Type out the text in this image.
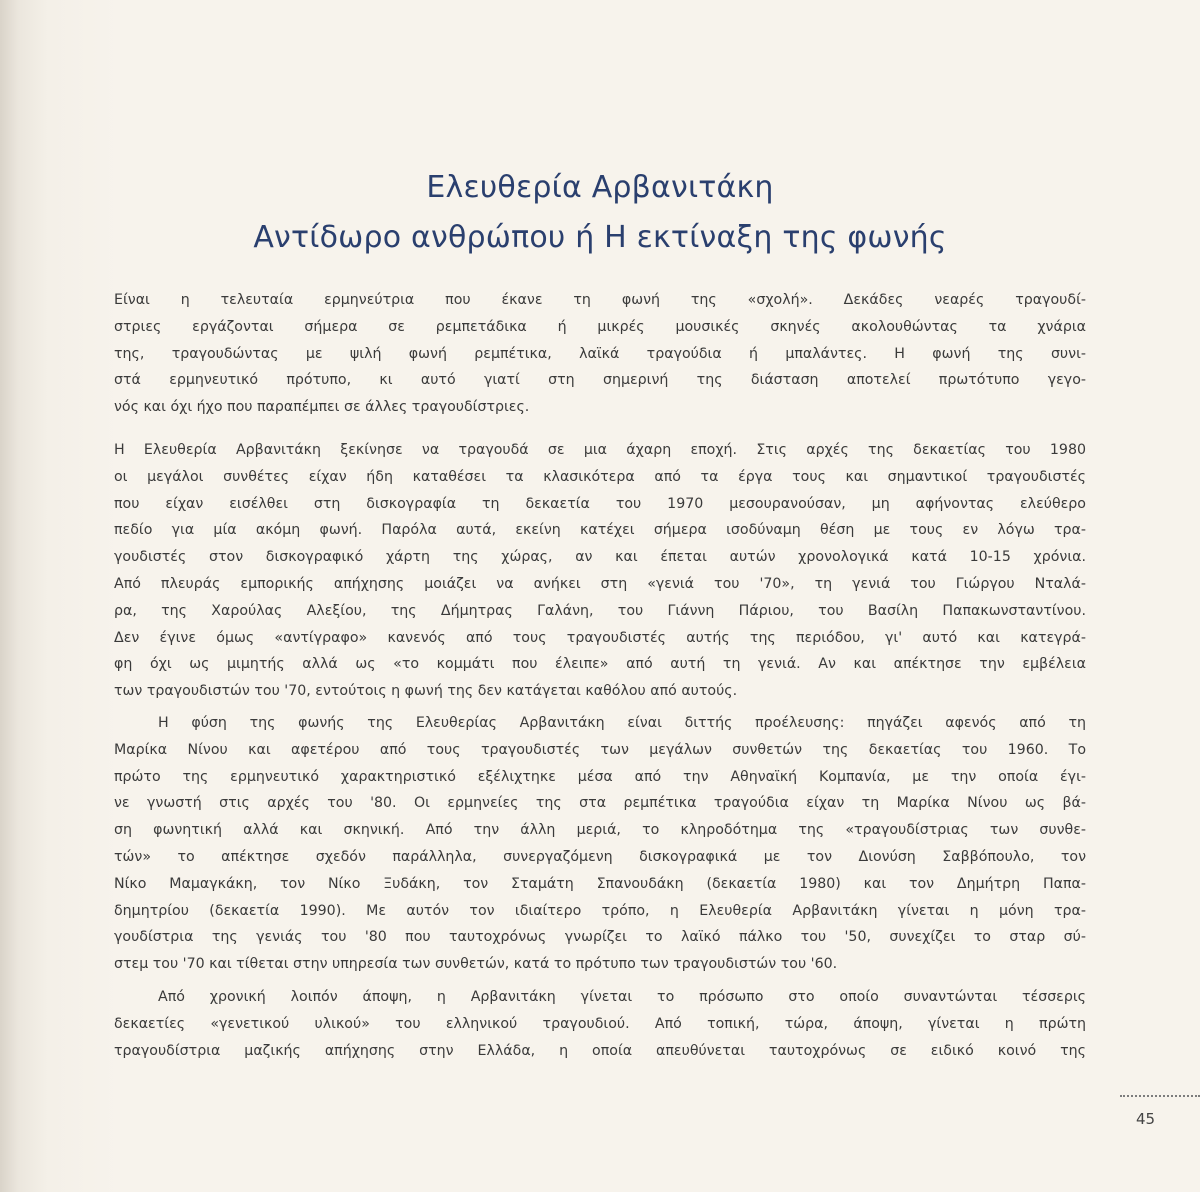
Ελευθερία Αρβανιτάκη
Αντίδωρο ανθρώπου ή Η εκτίναξη της φωνής
Είναι η τελευταία ερμηνεύτρια που έκανε τη φωνή της «σχολή». Δεκάδες νεαρές τραγουδί-
στριες εργάζονται σήμερα σε ρεμπετάδικα ή μικρές μουσικές σκηνές ακολουθώντας τα χνάρια
της, τραγουδώντας με ψιλή φωνή ρεμπέτικα, λαϊκά τραγούδια ή μπαλάντες. Η φωνή της συνι-
στά ερμηνευτικό πρότυπο, κι αυτό γιατί στη σημερινή της διάσταση αποτελεί πρωτότυπο γεγο-
νός και όχι ήχο που παραπέμπει σε άλλες τραγουδίστριες.
Η Ελευθερία Αρβανιτάκη ξεκίνησε να τραγουδά σε μια άχαρη εποχή. Στις αρχές της δεκαετίας του 1980
οι μεγάλοι συνθέτες είχαν ήδη καταθέσει τα κλασικότερα από τα έργα τους και σημαντικοί τραγουδιστές
που είχαν εισέλθει στη δισκογραφία τη δεκαετία του 1970 μεσουρανούσαν, μη αφήνοντας ελεύθερο
πεδίο για μία ακόμη φωνή. Παρόλα αυτά, εκείνη κατέχει σήμερα ισοδύναμη θέση με τους εν λόγω τρα-
γουδιστές στον δισκογραφικό χάρτη της χώρας, αν και έπεται αυτών χρονολογικά κατά 10-15 χρόνια.
Από πλευράς εμπορικής απήχησης μοιάζει να ανήκει στη «γενιά του '70», τη γενιά του Γιώργου Νταλά-
ρα, της Χαρούλας Αλεξίου, της Δήμητρας Γαλάνη, του Γιάννη Πάριου, του Βασίλη Παπακωνσταντίνου.
Δεν έγινε όμως «αντίγραφο» κανενός από τους τραγουδιστές αυτής της περιόδου, γι' αυτό και κατεγρά-
φη όχι ως μιμητής αλλά ως «το κομμάτι που έλειπε» από αυτή τη γενιά. Αν και απέκτησε την εμβέλεια
των τραγουδιστών του '70, εντούτοις η φωνή της δεν κατάγεται καθόλου από αυτούς.
Η φύση της φωνής της Ελευθερίας Αρβανιτάκη είναι διττής προέλευσης: πηγάζει αφενός από τη
Μαρίκα Νίνου και αφετέρου από τους τραγουδιστές των μεγάλων συνθετών της δεκαετίας του 1960. Το
πρώτο της ερμηνευτικό χαρακτηριστικό εξέλιχτηκε μέσα από την Αθηναϊκή Κομπανία, με την οποία έγι-
νε γνωστή στις αρχές του '80. Οι ερμηνείες της στα ρεμπέτικα τραγούδια είχαν τη Μαρίκα Νίνου ως βά-
ση φωνητική αλλά και σκηνική. Από την άλλη μεριά, το κληροδότημα της «τραγουδίστριας των συνθε-
τών» το απέκτησε σχεδόν παράλληλα, συνεργαζόμενη δισκογραφικά με τον Διονύση Σαββόπουλο, τον
Νίκο Μαμαγκάκη, τον Νίκο Ξυδάκη, τον Σταμάτη Σπανουδάκη (δεκαετία 1980) και τον Δημήτρη Παπα-
δημητρίου (δεκαετία 1990). Με αυτόν τον ιδιαίτερο τρόπο, η Ελευθερία Αρβανιτάκη γίνεται η μόνη τρα-
γουδίστρια της γενιάς του '80 που ταυτοχρόνως γνωρίζει το λαϊκό πάλκο του '50, συνεχίζει το σταρ σύ-
στεμ του '70 και τίθεται στην υπηρεσία των συνθετών, κατά το πρότυπο των τραγουδιστών του '60.
Από χρονική λοιπόν άποψη, η Αρβανιτάκη γίνεται το πρόσωπο στο οποίο συναντώνται τέσσερις
δεκαετίες «γενετικού υλικού» του ελληνικού τραγουδιού. Από τοπική, τώρα, άποψη, γίνεται η πρώτη
τραγουδίστρια μαζικής απήχησης στην Ελλάδα, η οποία απευθύνεται ταυτοχρόνως σε ειδικό κοινό της
45
